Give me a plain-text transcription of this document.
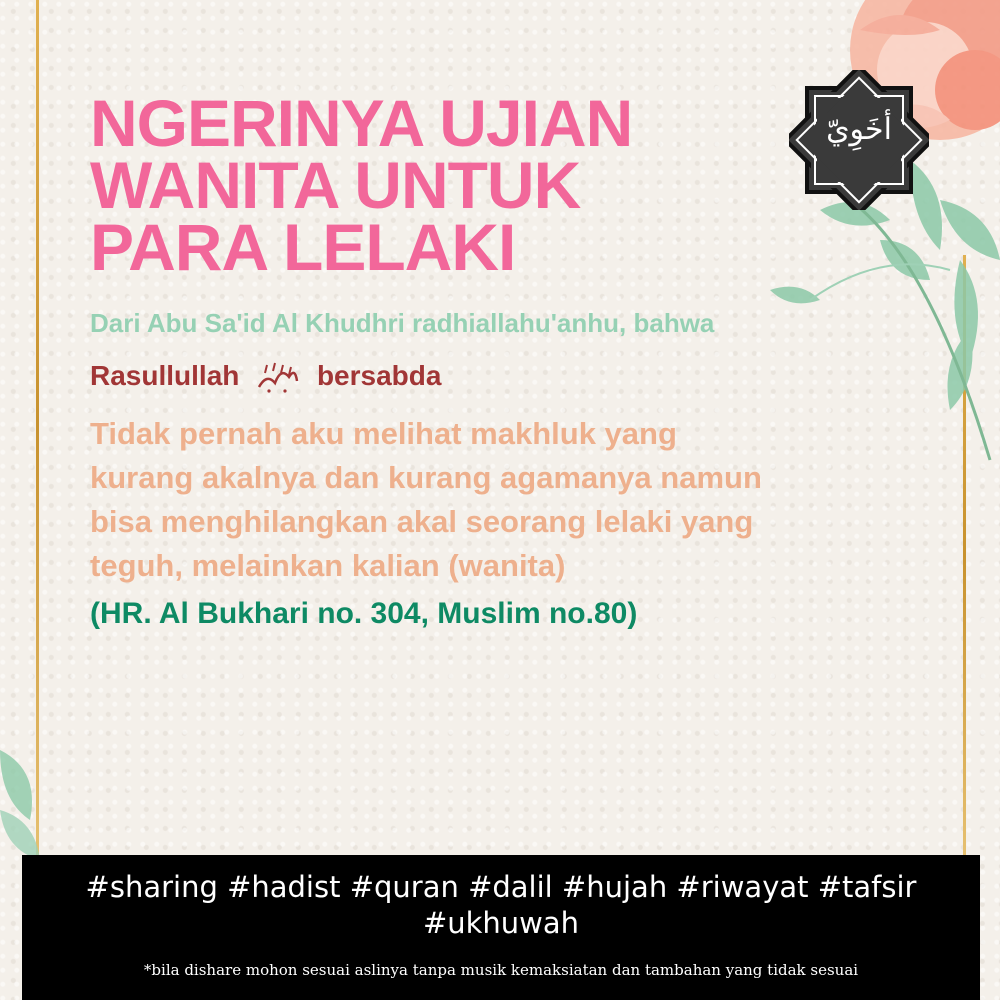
أخَوِيّ
NGERINYA UJIAN
WANITA UNTUK
PARA LELAKI
Dari Abu Sa'id Al Khudhri radhiallahu'anhu, bahwa
Rasullullah	bersabda
Tidak pernah aku melihat makhluk yang
kurang akalnya dan kurang agamanya namun
bisa menghilangkan akal seorang lelaki yang
teguh, melainkan kalian (wanita)
(HR. Al Bukhari no. 304, Muslim no.80)
#sharing #hadist #quran #dalil #hujah #riwayat #tafsir
#ukhuwah
*bila dishare mohon sesuai aslinya tanpa musik kemaksiatan dan tambahan yang tidak sesuai
